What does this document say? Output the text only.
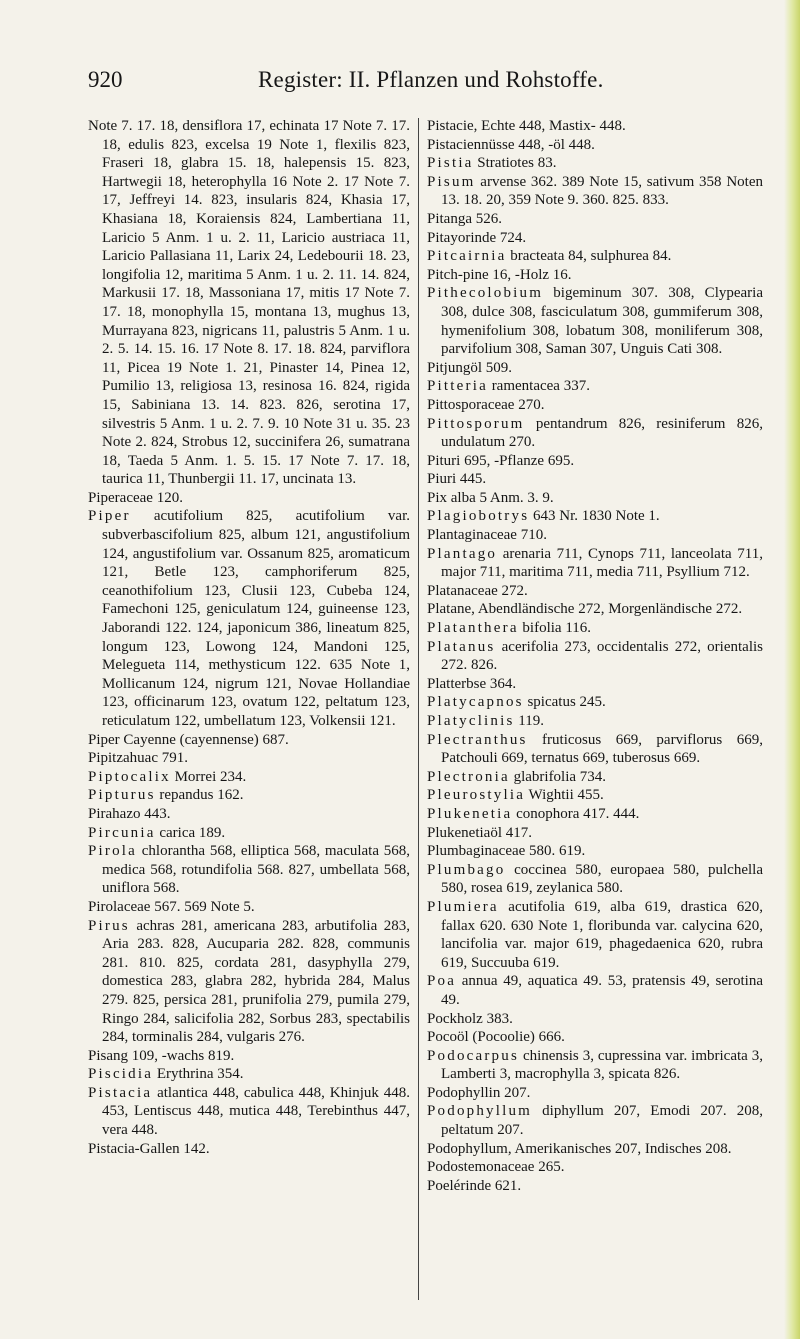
920	Register: II. Pflanzen und Rohstoffe.

Note 7. 17. 18, densiflora 17, echinata 17 Note 7. 17. 18, edulis 823, excelsa 19 Note 1, flexilis 823, Fraseri 18, glabra 15. 18, halepensis 15. 823, Hartwegii 18, heterophylla 16 Note 2. 17 Note 7. 17, Jeffreyi 14. 823, insularis 824, Khasia 17, Khasiana 18, Koraiensis 824, Lambertiana 11, Laricio 5 Anm. 1 u. 2. 11, Laricio austriaca 11, Laricio Pallasiana 11, Larix 24, Ledebourii 18. 23, longifolia 12, maritima 5 Anm. 1 u. 2. 11. 14. 824, Markusii 17. 18, Massoniana 17, mitis 17 Note 7. 17. 18, monophylla 15, montana 13, mughus 13, Murrayana 823, nigricans 11, palustris 5 Anm. 1 u. 2. 5. 14. 15. 16. 17 Note 8. 17. 18. 824, parviflora 11, Picea 19 Note 1. 21, Pinaster 14, Pinea 12, Pumilio 13, religiosa 13, resinosa 16. 824, rigida 15, Sabiniana 13. 14. 823. 826, serotina 17, silvestris 5 Anm. 1 u. 2. 7. 9. 10 Note 31 u. 35. 23 Note 2. 824, Strobus 12, succinifera 26, sumatrana 18, Taeda 5 Anm. 1. 5. 15. 17 Note 7. 17. 18, taurica 11, Thunbergii 11. 17, uncinata 13.

Piperaceae 120.

Piper acutifolium 825, acutifolium var. subverbascifolium 825, album 121, angustifolium 124, angustifolium var. Ossanum 825, aromaticum 121, Betle 123, camphoriferum 825, ceanothifolium 123, Clusii 123, Cubeba 124, Famechoni 125, geniculatum 124, guineense 123, Jaborandi 122. 124, japonicum 386, lineatum 825, longum 123, Lowong 124, Mandoni 125, Melegueta 114, methysticum 122. 635 Note 1, Mollicanum 124, nigrum 121, Novae Hollandiae 123, officinarum 123, ovatum 122, peltatum 123, reticulatum 122, umbellatum 123, Volkensii 121.

Piper Cayenne (cayennense) 687.

Pipitzahuac 791.

Piptocalix Morrei 234.

Pipturus repandus 162.

Pirahazo 443.

Pircunia carica 189.

Pirola chlorantha 568, elliptica 568, maculata 568, medica 568, rotundifolia 568. 827, umbellata 568, uniflora 568.

Pirolaceae 567. 569 Note 5.

Pirus achras 281, americana 283, arbutifolia 283, Aria 283. 828, Aucuparia 282. 828, communis 281. 810. 825, cordata 281, dasyphylla 279, domestica 283, glabra 282, hybrida 284, Malus 279. 825, persica 281, prunifolia 279, pumila 279, Ringo 284, salicifolia 282, Sorbus 283, spectabilis 284, torminalis 284, vulgaris 276.

Pisang 109, -wachs 819.

Piscidia Erythrina 354.

Pistacia atlantica 448, cabulica 448, Khinjuk 448. 453, Lentiscus 448, mutica 448, Terebinthus 447, vera 448.

Pistacia-Gallen 142.

Pistacie, Echte 448, Mastix- 448.

Pistaciennüsse 448, -öl 448.

Pistia Stratiotes 83.

Pisum arvense 362. 389 Note 15, sativum 358 Noten 13. 18. 20, 359 Note 9. 360. 825. 833.

Pitanga 526.

Pitayorinde 724.

Pitcairnia bracteata 84, sulphurea 84.

Pitch-pine 16, -Holz 16.

Pithecolobium bigeminum 307. 308, Clypearia 308, dulce 308, fasciculatum 308, gummiferum 308, hymenifolium 308, lobatum 308, moniliferum 308, parvifolium 308, Saman 307, Unguis Cati 308.

Pitjungöl 509.

Pitteria ramentacea 337.

Pittosporaceae 270.

Pittosporum pentandrum 826, resiniferum 826, undulatum 270.

Pituri 695, -Pflanze 695.

Piuri 445.

Pix alba 5 Anm. 3. 9.

Plagiobotrys 643 Nr. 1830 Note 1.

Plantaginaceae 710.

Plantago arenaria 711, Cynops 711, lanceolata 711, major 711, maritima 711, media 711, Psyllium 712.

Platanaceae 272.

Platane, Abendländische 272, Morgenländische 272.

Platanthera bifolia 116.

Platanus acerifolia 273, occidentalis 272, orientalis 272. 826.

Platterbse 364.

Platycapnos spicatus 245.

Platyclinis 119.

Plectranthus fruticosus 669, parviflorus 669, Patchouli 669, ternatus 669, tuberosus 669.

Plectronia glabrifolia 734.

Pleurostylia Wightii 455.

Plukenetia conophora 417. 444.

Plukenetiaöl 417.

Plumbaginaceae 580. 619.

Plumbago coccinea 580, europaea 580, pulchella 580, rosea 619, zeylanica 580.

Plumiera acutifolia 619, alba 619, drastica 620, fallax 620. 630 Note 1, floribunda var. calycina 620, lancifolia var. major 619, phagedaenica 620, rubra 619, Succuuba 619.

Poa annua 49, aquatica 49. 53, pratensis 49, serotina 49.

Pockholz 383.

Pocoöl (Pocoolie) 666.

Podocarpus chinensis 3, cupressina var. imbricata 3, Lamberti 3, macrophylla 3, spicata 826.

Podophyllin 207.

Podophyllum diphyllum 207, Emodi 207. 208, peltatum 207.

Podophyllum, Amerikanisches 207, Indisches 208.

Podostemonaceae 265.

Poelérinde 621.
